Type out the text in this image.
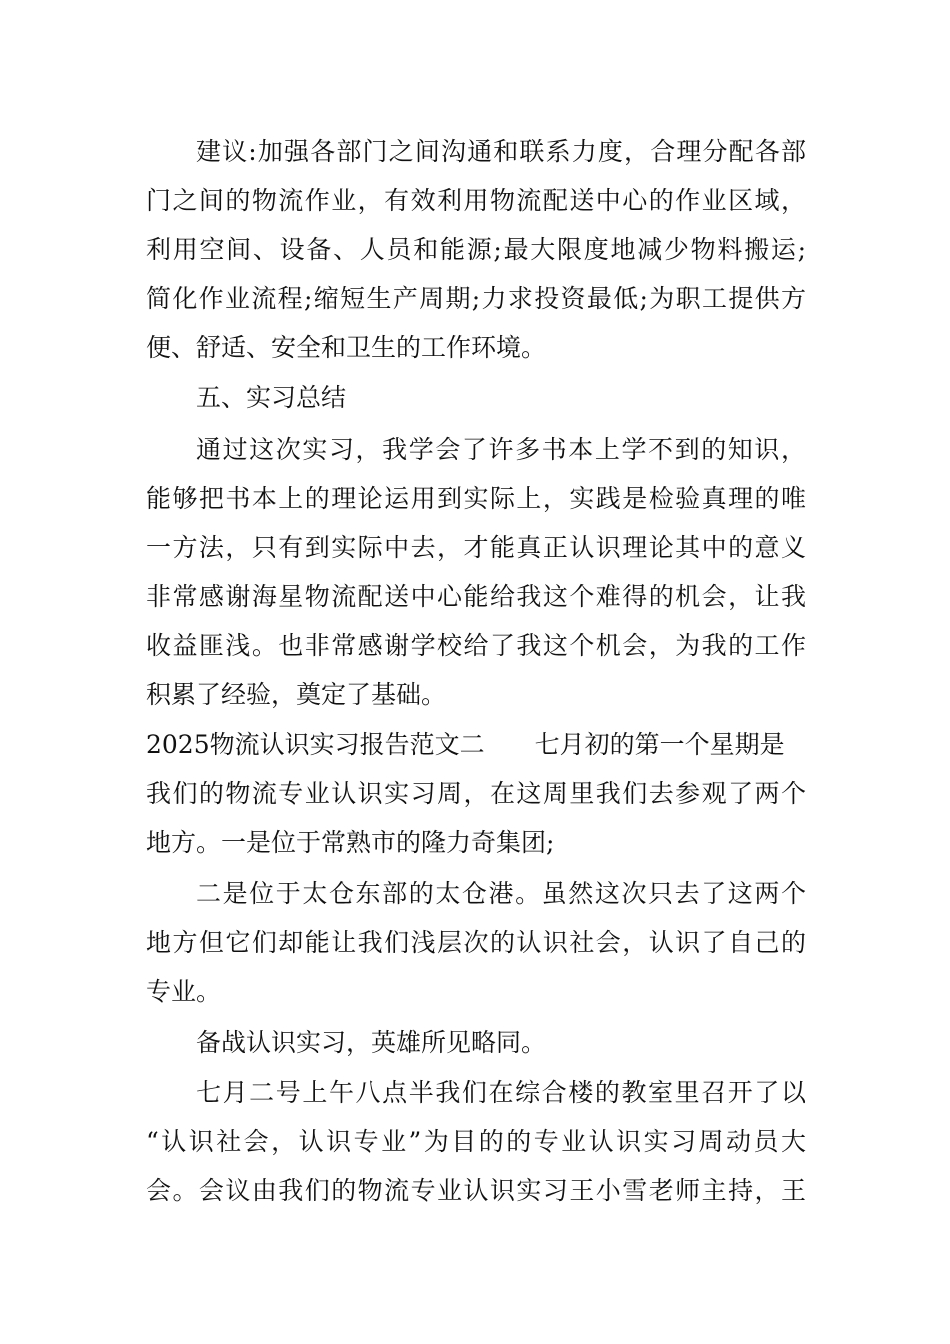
建议:加强各部门之间沟通和联系力度，合理分配各部
门之间的物流作业，有效利用物流配送中心的作业区域，
利用空间、设备、人员和能源;最大限度地减少物料搬运;
简化作业流程;缩短生产周期;力求投资最低;为职工提供方
便、舒适、安全和卫生的工作环境。
五、实习总结
通过这次实习，我学会了许多书本上学不到的知识，
能够把书本上的理论运用到实际上，实践是检验真理的唯
一方法，只有到实际中去，才能真正认识理论其中的意义
非常感谢海星物流配送中心能给我这个难得的机会，让我
收益匪浅。也非常感谢学校给了我这个机会，为我的工作
积累了经验，奠定了基础。
2025物流认识实习报告范文二　　七月初的第一个星期是
我们的物流专业认识实习周，在这周里我们去参观了两个
地方。一是位于常熟市的隆力奇集团;
二是位于太仓东部的太仓港。虽然这次只去了这两个
地方但它们却能让我们浅层次的认识社会，认识了自己的
专业。
备战认识实习，英雄所见略同。
七月二号上午八点半我们在综合楼的教室里召开了以
“认识社会，认识专业”为目的的专业认识实习周动员大
会。会议由我们的物流专业认识实习王小雪老师主持，王
